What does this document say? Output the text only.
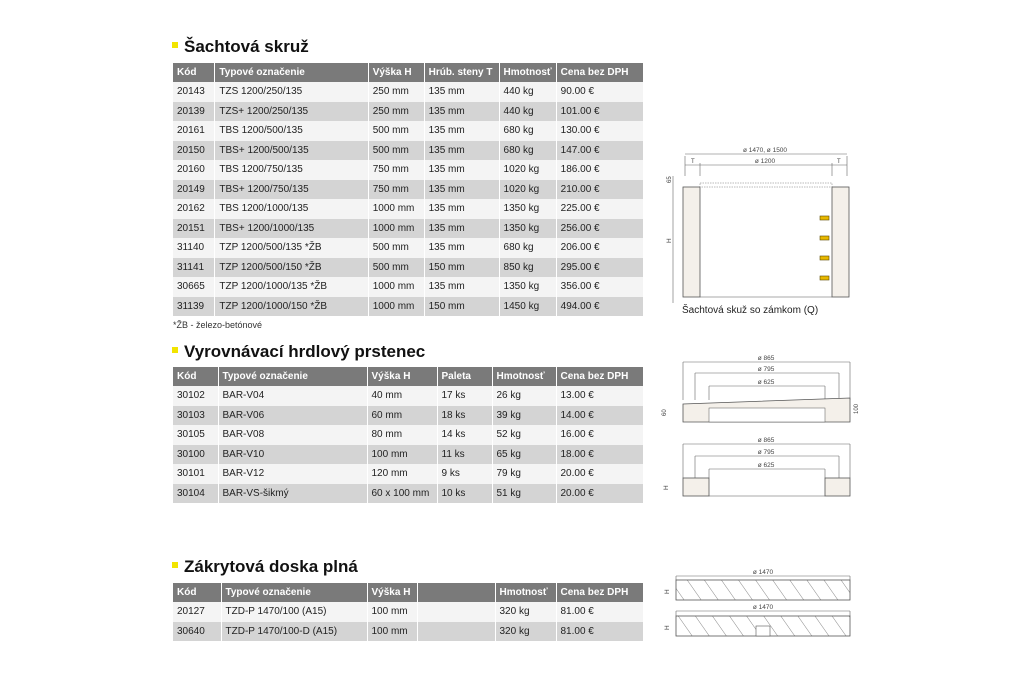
Šachtová skruž
Kód	Typové označenie	Výška H	Hrúb. steny T	Hmotnosť	Cena bez DPH
20143	TZS 1200/250/135	250 mm	135 mm	440 kg	90.00 €
20139	TZS+ 1200/250/135	250 mm	135 mm	440 kg	101.00 €
20161	TBS 1200/500/135	500 mm	135 mm	680 kg	130.00 €
20150	TBS+ 1200/500/135	500 mm	135 mm	680 kg	147.00 €
20160	TBS 1200/750/135	750 mm	135 mm	1020 kg	186.00 €
20149	TBS+ 1200/750/135	750 mm	135 mm	1020 kg	210.00 €
20162	TBS 1200/1000/135	1000 mm	135 mm	1350 kg	225.00 €
20151	TBS+ 1200/1000/135	1000 mm	135 mm	1350 kg	256.00 €
31140	TZP 1200/500/135 *ŽB	500 mm	135 mm	680 kg	206.00 €
31141	TZP 1200/500/150 *ŽB	500 mm	150 mm	850 kg	295.00 €
30665	TZP 1200/1000/135 *ŽB	1000 mm	135 mm	1350 kg	356.00 €
31139	TZP 1200/1000/150 *ŽB	1000 mm	150 mm	1450 kg	494.00 €
*ŽB - železo-betónové
Vyrovnávací hrdlový prstenec
Kód	Typové označenie	Výška H	Paleta	Hmotnosť	Cena bez DPH
30102	BAR-V04	40 mm	17 ks	26 kg	13.00 €
30103	BAR-V06	60 mm	18 ks	39 kg	14.00 €
30105	BAR-V08	80 mm	14 ks	52 kg	16.00 €
30100	BAR-V10	100 mm	11 ks	65 kg	18.00 €
30101	BAR-V12	120 mm	9 ks	79 kg	20.00 €
30104	BAR-VS-šikmý	60 x 100 mm	10 ks	51 kg	20.00 €
Zákrytová doska plná
Kód	Typové označenie	Výška H		Hmotnosť	Cena bez DPH
20127	TZD-P 1470/100 (A15)	100 mm		320 kg	81.00 €
30640	TZD-P 1470/100-D (A15)	100 mm		320 kg	81.00 €
ø 1470, ø 1500
ø 1200
T	T
65
H
Šachtová skuž so zámkom (Q)
ø 865
ø 795
ø 625
60	100
ø 865
ø 795
ø 625
H
ø 1470
H
ø 1470
H
